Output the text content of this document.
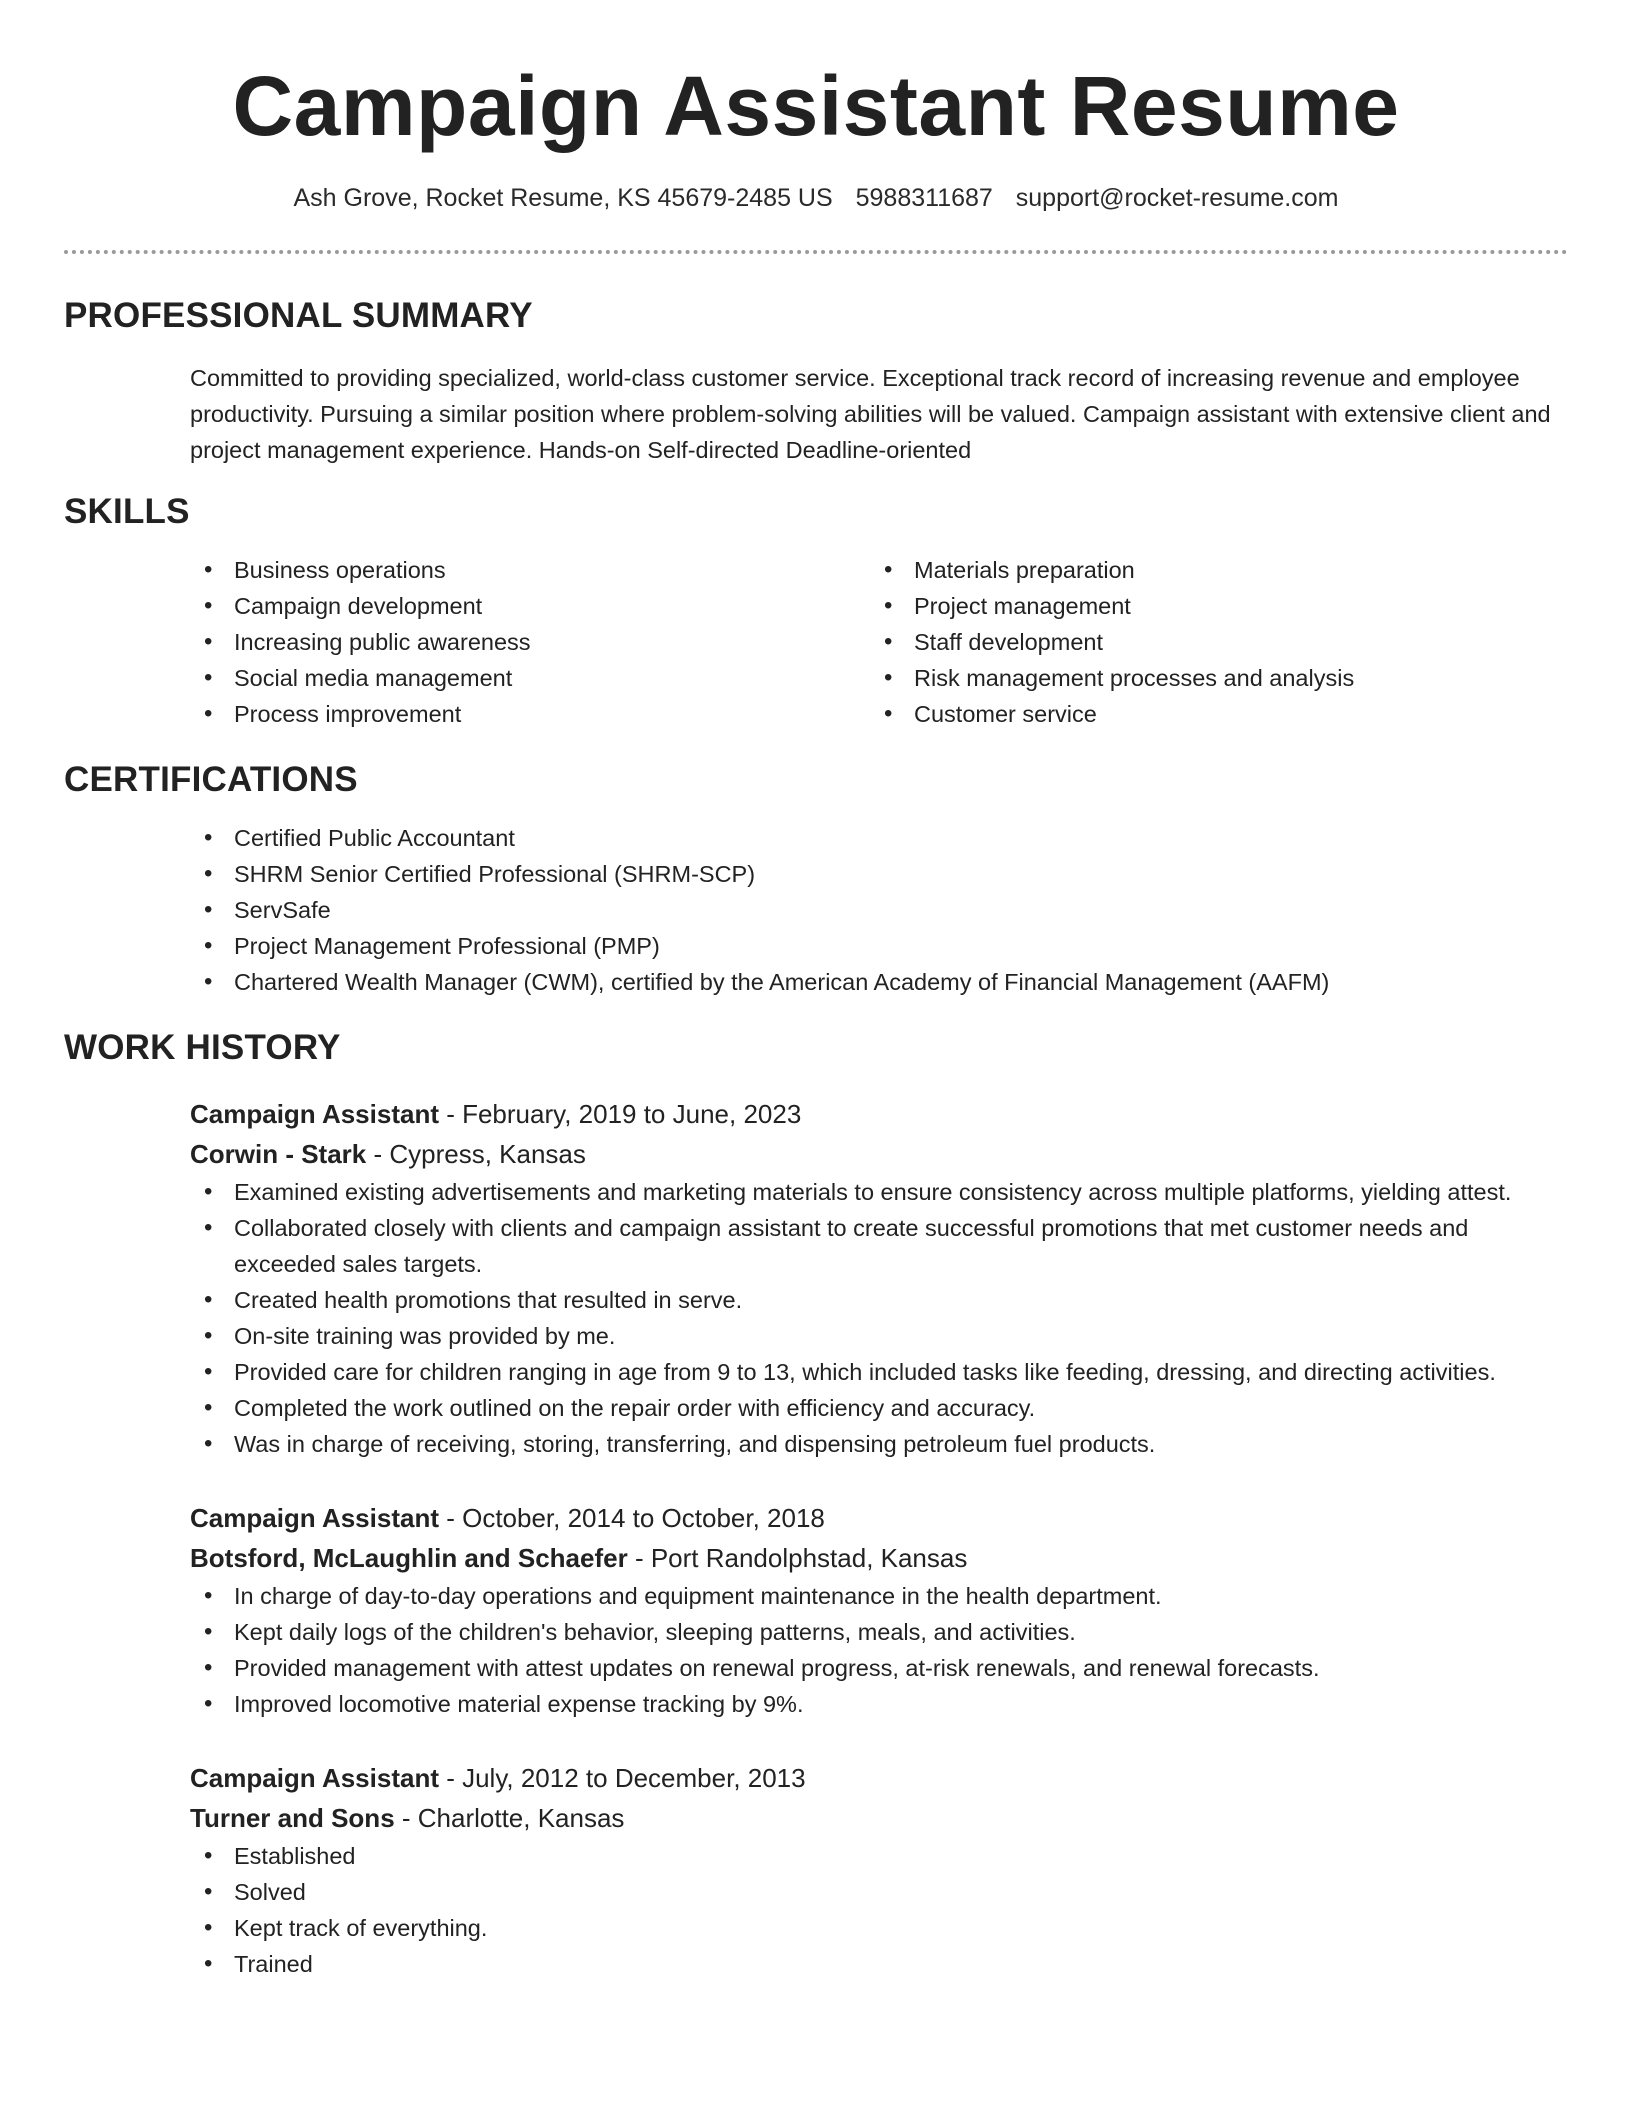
Campaign Assistant Resume
Ash Grove, Rocket Resume, KS 45679-2485 US 5988311687 support@rocket-resume.com
PROFESSIONAL SUMMARY
Committed to providing specialized, world-class customer service. Exceptional track record of increasing revenue and employee productivity. Pursuing a similar position where problem-solving abilities will be valued. Campaign assistant with extensive client and project management experience. Hands-on Self-directed Deadline-oriented
SKILLS
• Business operations
• Campaign development
• Increasing public awareness
• Social media management
• Process improvement
• Materials preparation
• Project management
• Staff development
• Risk management processes and analysis
• Customer service
CERTIFICATIONS
• Certified Public Accountant
• SHRM Senior Certified Professional (SHRM-SCP)
• ServSafe
• Project Management Professional (PMP)
• Chartered Wealth Manager (CWM), certified by the American Academy of Financial Management (AAFM)
WORK HISTORY
Campaign Assistant - February, 2019 to June, 2023
Corwin - Stark - Cypress, Kansas
• Examined existing advertisements and marketing materials to ensure consistency across multiple platforms, yielding attest.
• Collaborated closely with clients and campaign assistant to create successful promotions that met customer needs and exceeded sales targets.
• Created health promotions that resulted in serve.
• On-site training was provided by me.
• Provided care for children ranging in age from 9 to 13, which included tasks like feeding, dressing, and directing activities.
• Completed the work outlined on the repair order with efficiency and accuracy.
• Was in charge of receiving, storing, transferring, and dispensing petroleum fuel products.
Campaign Assistant - October, 2014 to October, 2018
Botsford, McLaughlin and Schaefer - Port Randolphstad, Kansas
• In charge of day-to-day operations and equipment maintenance in the health department.
• Kept daily logs of the children's behavior, sleeping patterns, meals, and activities.
• Provided management with attest updates on renewal progress, at-risk renewals, and renewal forecasts.
• Improved locomotive material expense tracking by 9%.
Campaign Assistant - July, 2012 to December, 2013
Turner and Sons - Charlotte, Kansas
• Established
• Solved
• Kept track of everything.
• Trained
